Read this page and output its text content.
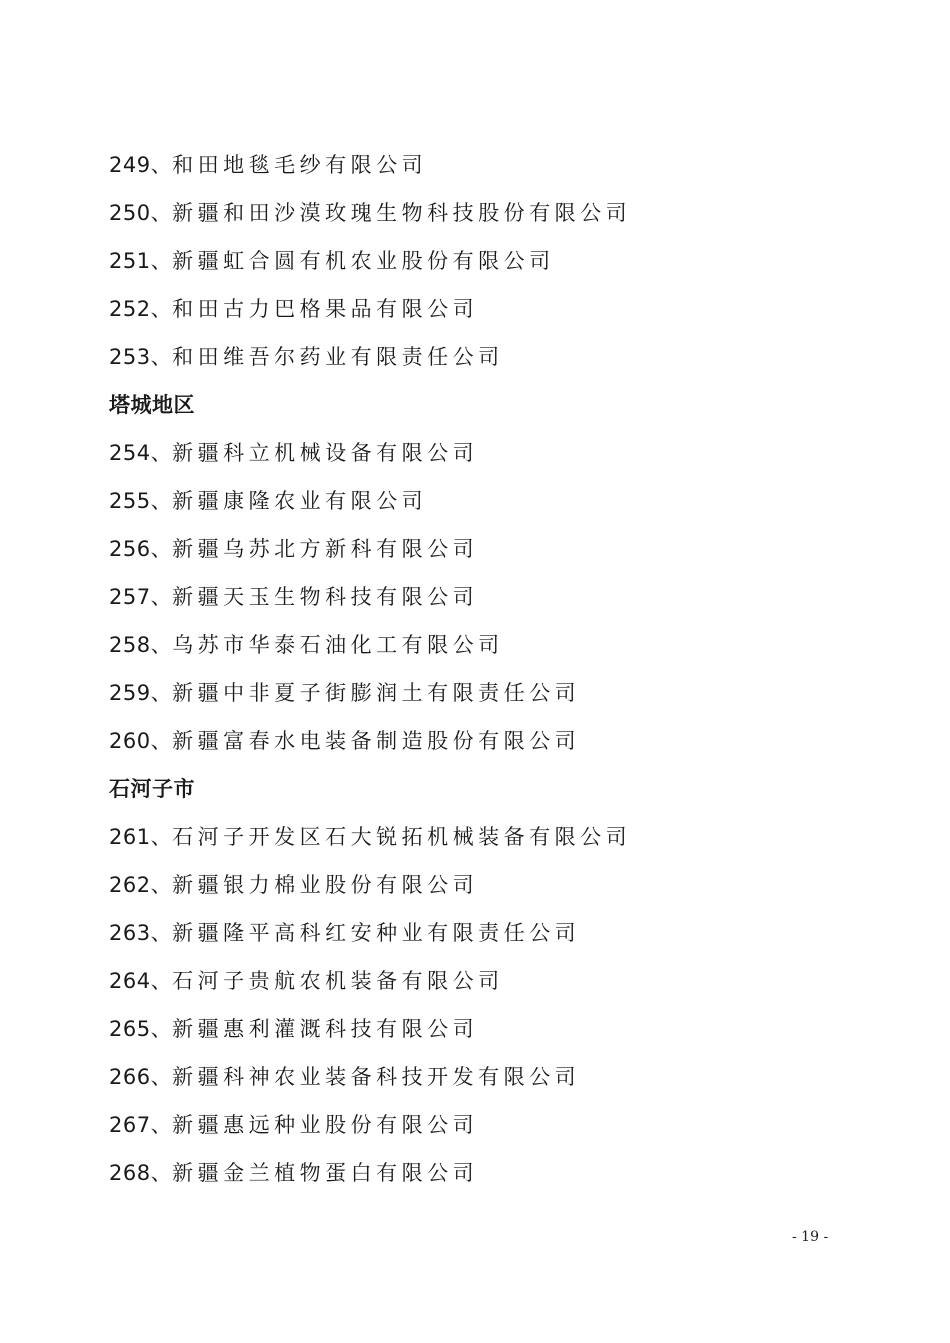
249、和田地毯毛纱有限公司
250、新疆和田沙漠玫瑰生物科技股份有限公司
251、新疆虹合圆有机农业股份有限公司
252、和田古力巴格果品有限公司
253、和田维吾尔药业有限责任公司
塔城地区
254、新疆科立机械设备有限公司
255、新疆康隆农业有限公司
256、新疆乌苏北方新科有限公司
257、新疆天玉生物科技有限公司
258、乌苏市华泰石油化工有限公司
259、新疆中非夏子街膨润土有限责任公司
260、新疆富春水电装备制造股份有限公司
石河子市
261、石河子开发区石大锐拓机械装备有限公司
262、新疆银力棉业股份有限公司
263、新疆隆平高科红安种业有限责任公司
264、石河子贵航农机装备有限公司
265、新疆惠利灌溉科技有限公司
266、新疆科神农业装备科技开发有限公司
267、新疆惠远种业股份有限公司
268、新疆金兰植物蛋白有限公司
- 19 -
